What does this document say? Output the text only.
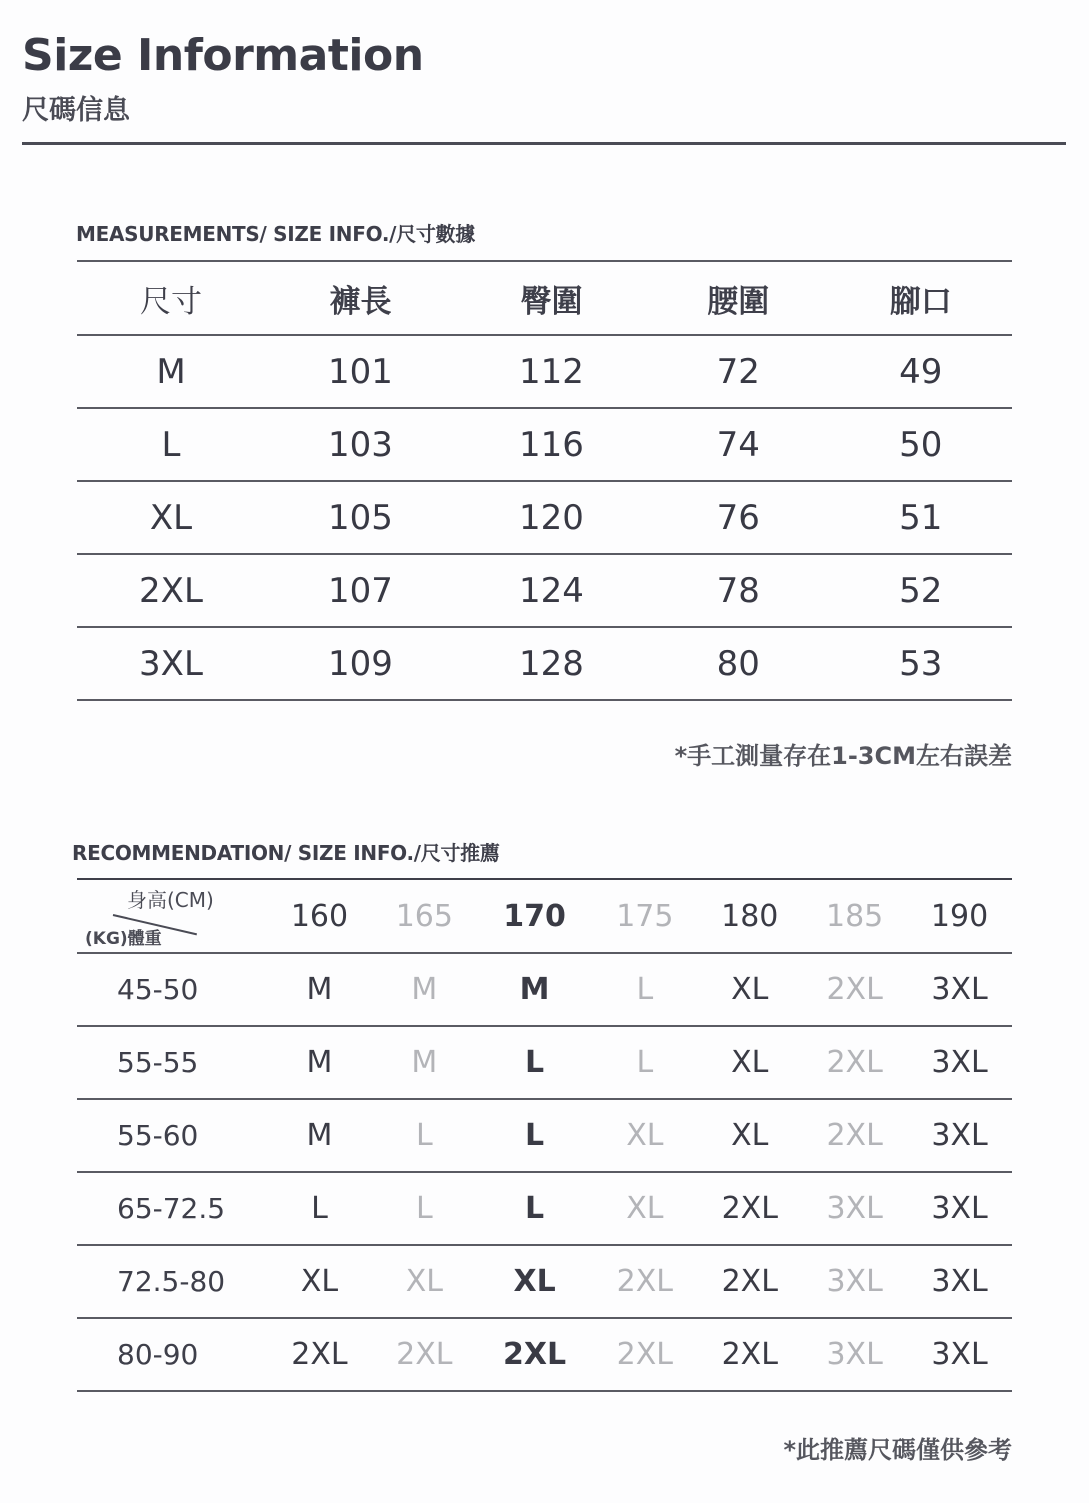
Size Information
尺碼信息
MEASUREMENTS/ SIZE INFO./尺寸數據
尺寸	褲長	臀圍	腰圍	腳口
M	101	112	72	49
L	103	116	74	50
XL	105	120	76	51
2XL	107	124	78	52
3XL	109	128	80	53
*手工測量存在1-3CM左右誤差
RECOMMENDATION/ SIZE INFO./尺寸推薦
身高(CM)
(KG)體重	160	165	170	175	180	185	190
45-50	M	M	M	L	XL	2XL	3XL
55-55	M	M	L	L	XL	2XL	3XL
55-60	M	L	L	XL	XL	2XL	3XL
65-72.5	L	L	L	XL	2XL	3XL	3XL
72.5-80	XL	XL	XL	2XL	2XL	3XL	3XL
80-90	2XL	2XL	2XL	2XL	2XL	3XL	3XL
*此推薦尺碼僅供參考
